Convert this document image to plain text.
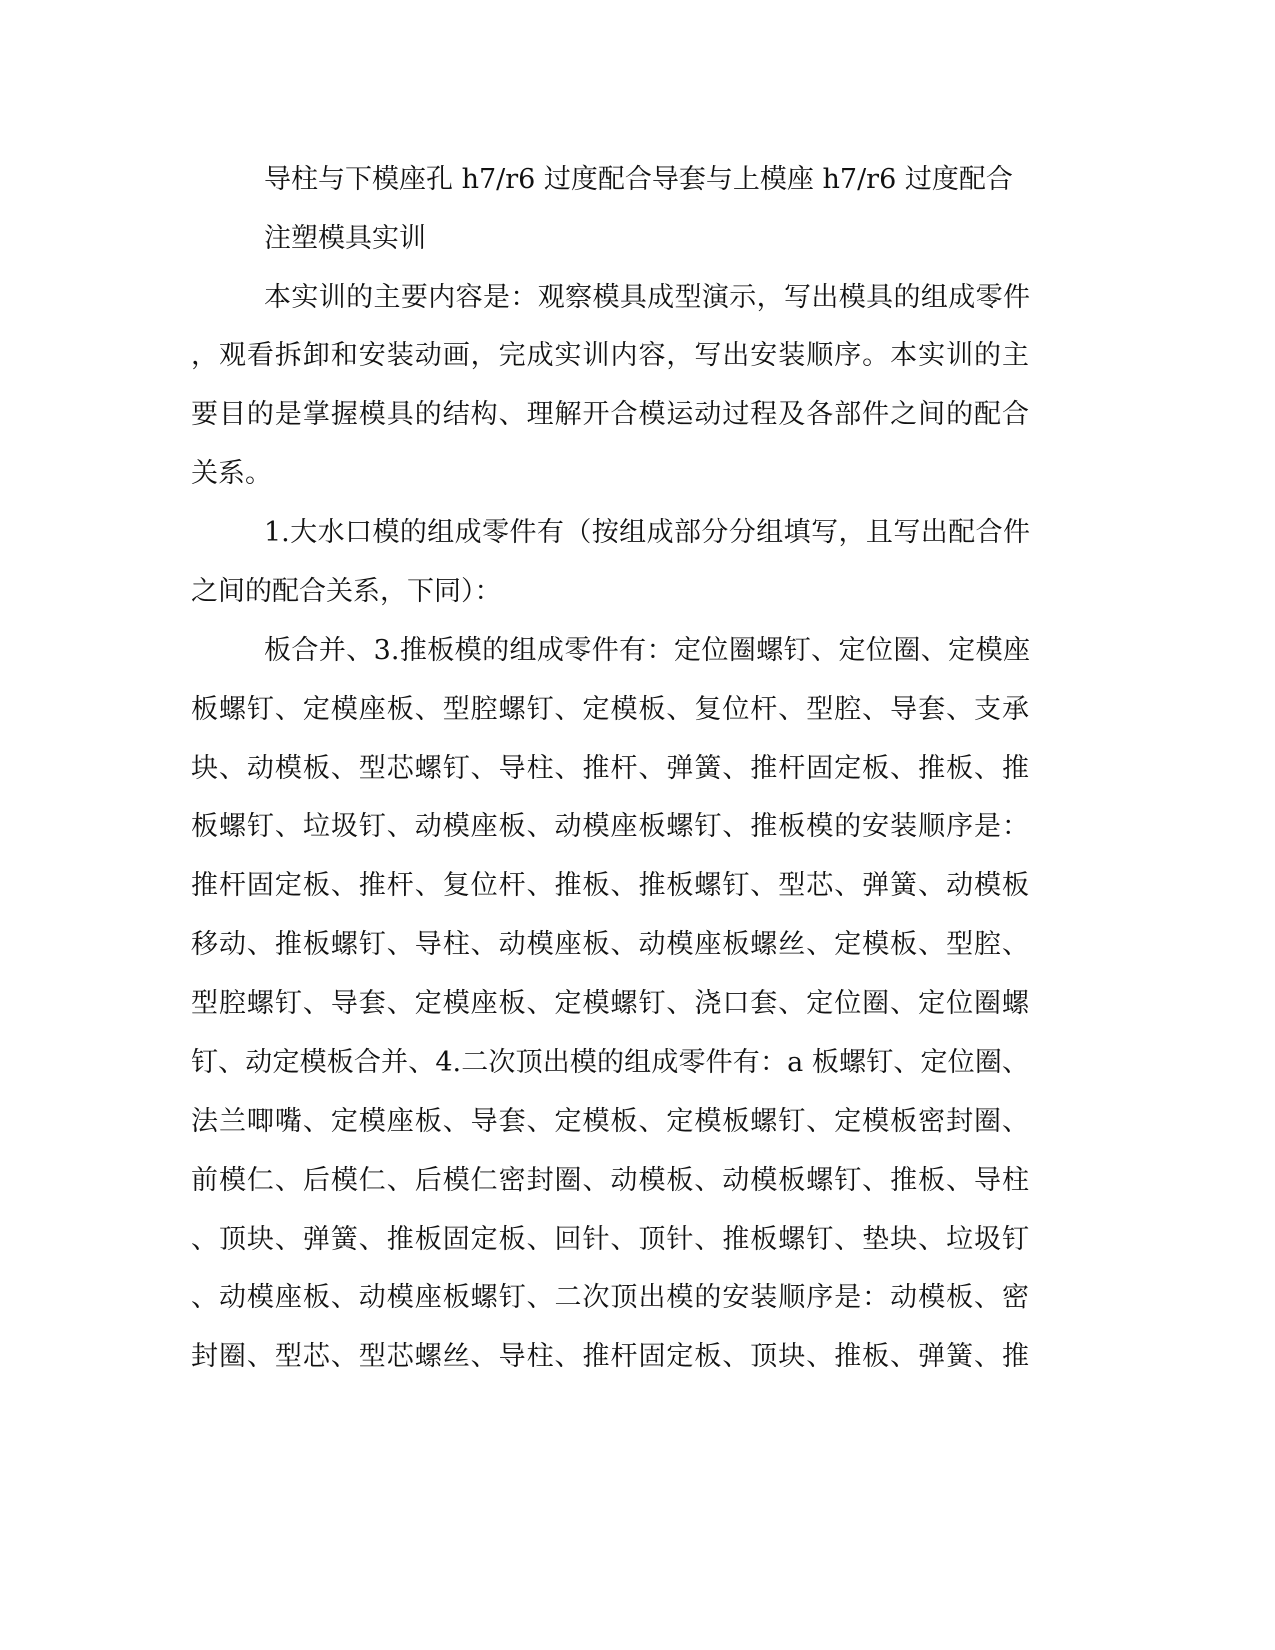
导柱与下模座孔 h7/r6 过度配合导套与上模座 h7/r6 过度配合
注塑模具实训
本实训的主要内容是：观察模具成型演示，写出模具的组成零件
，观看拆卸和安装动画，完成实训内容，写出安装顺序。本实训的主
要目的是掌握模具的结构、理解开合模运动过程及各部件之间的配合
关系。
1.大水口模的组成零件有（按组成部分分组填写，且写出配合件
之间的配合关系，下同）：
板合并、3.推板模的组成零件有：定位圈螺钉、定位圈、定模座
板螺钉、定模座板、型腔螺钉、定模板、复位杆、型腔、导套、支承
块、动模板、型芯螺钉、导柱、推杆、弹簧、推杆固定板、推板、推
板螺钉、垃圾钉、动模座板、动模座板螺钉、推板模的安装顺序是：
推杆固定板、推杆、复位杆、推板、推板螺钉、型芯、弹簧、动模板
移动、推板螺钉、导柱、动模座板、动模座板螺丝、定模板、型腔、
型腔螺钉、导套、定模座板、定模螺钉、浇口套、定位圈、定位圈螺
钉、动定模板合并、4.二次顶出模的组成零件有：a 板螺钉、定位圈、
法兰唧嘴、定模座板、导套、定模板、定模板螺钉、定模板密封圈、
前模仁、后模仁、后模仁密封圈、动模板、动模板螺钉、推板、导柱
、顶块、弹簧、推板固定板、回针、顶针、推板螺钉、垫块、垃圾钉
、动模座板、动模座板螺钉、二次顶出模的安装顺序是：动模板、密
封圈、型芯、型芯螺丝、导柱、推杆固定板、顶块、推板、弹簧、推
